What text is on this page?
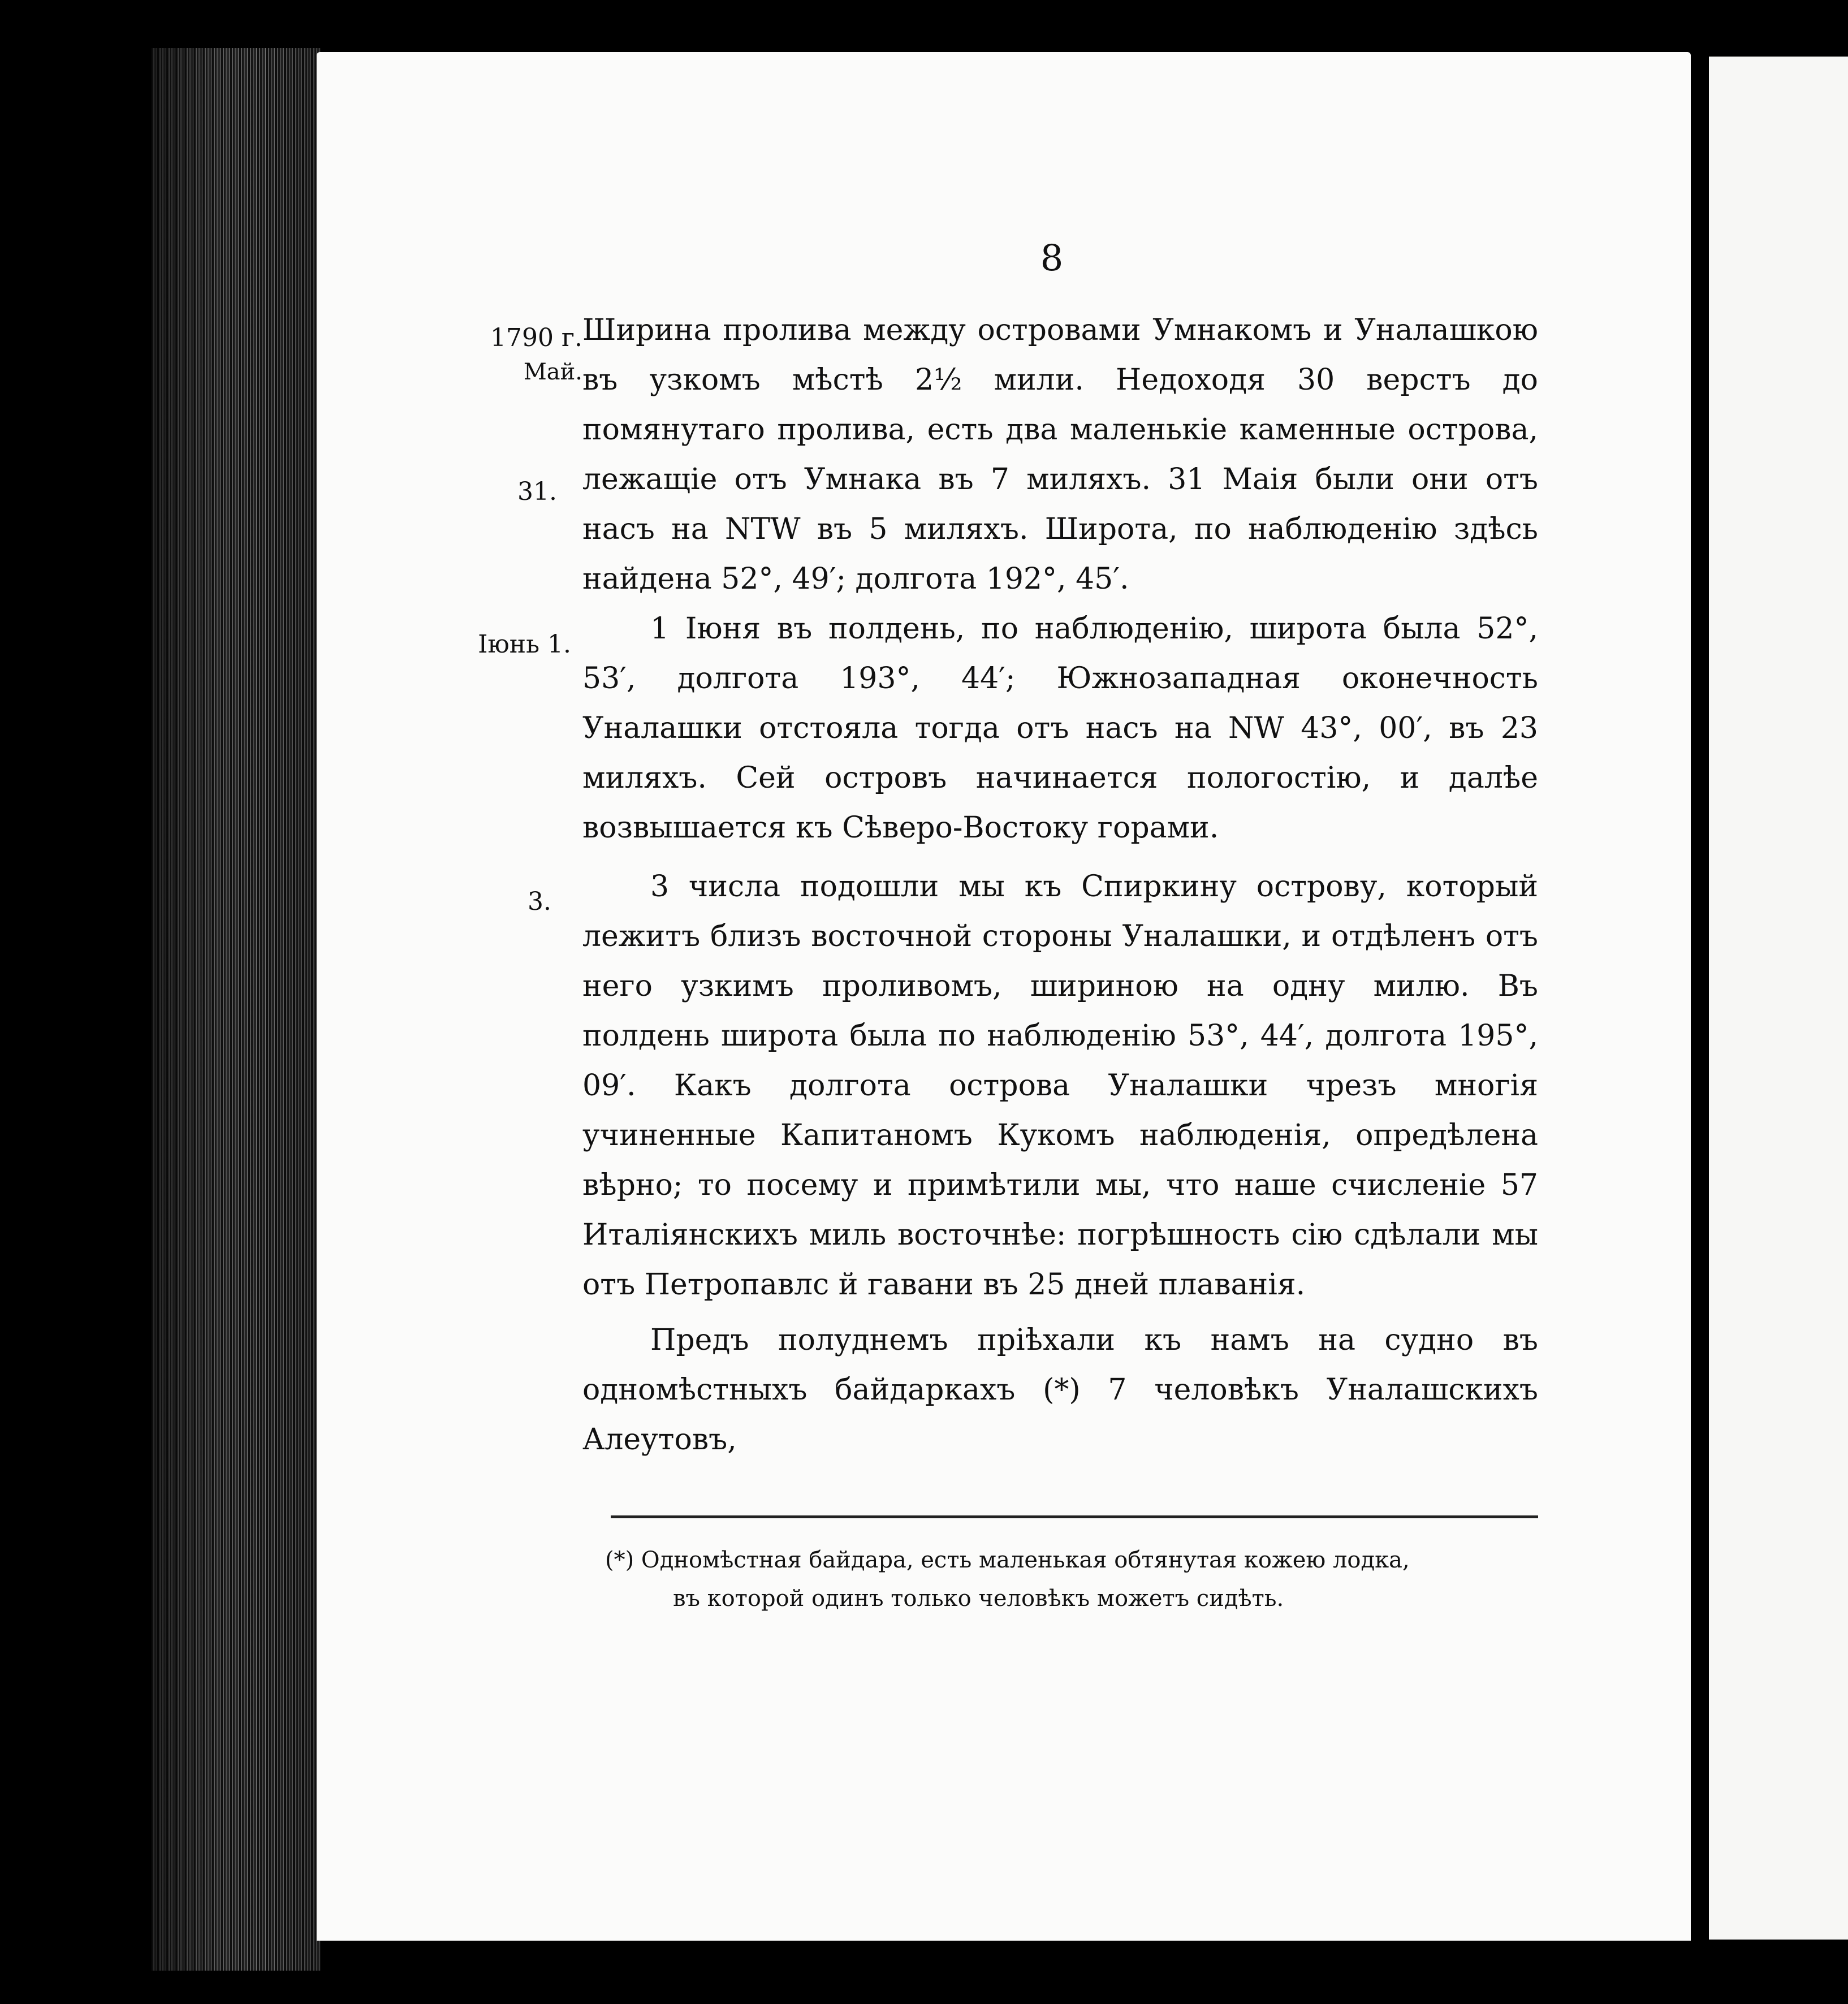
8
1790 г.
Май.
31.
Іюнь 1.
3.

Ширина пролива между островами Умнакомъ и Уналашкою въ узкомъ мѣстѣ 2½ мили. Недоходя 30 верстъ до помянутаго пролива, есть два маленькіе каменные острова, лежащіе отъ Умнака въ 7 миляхъ. 31 Маія были они отъ насъ на NTW въ 5 миляхъ. Широта, по наблюденію здѣсь найдена 52°, 49′; долгота 192°, 45′.

1 Іюня въ полдень, по наблюденію, широта была 52°, 53′, долгота 193°, 44′; Южнозападная оконечность Уналашки отстояла тогда отъ насъ на NW 43°, 00′, въ 23 миляхъ. Сей островъ начинается пологостію, и далѣе возвышается къ Сѣверо-Востоку горами.

3 числа подошли мы къ Спиркину острову, который лежитъ близъ восточной стороны Уналашки, и отдѣленъ отъ него узкимъ проливомъ, шириною на одну милю. Въ полдень широта была по наблюденію 53°, 44′, долгота 195°, 09′. Какъ долгота острова Уналашки чрезъ многія учиненные Капитаномъ Кукомъ наблюденія, опредѣлена вѣрно; то посему и примѣтили мы, что наше счисленіе 57 Италіянскихъ миль восточнѣе: погрѣшность сію сдѣлали мы отъ Петропавлс й гавани въ 25 дней плаванія.

Предъ полуднемъ пріѣхали къ намъ на судно въ одномѣстныхъ байдаркахъ (*) 7 человѣкъ Уналашскихъ Алеутовъ,

(*) Одномѣстная байдара, есть маленькая обтянутая кожею лодка,
въ которой одинъ только человѣкъ можетъ сидѣть.
